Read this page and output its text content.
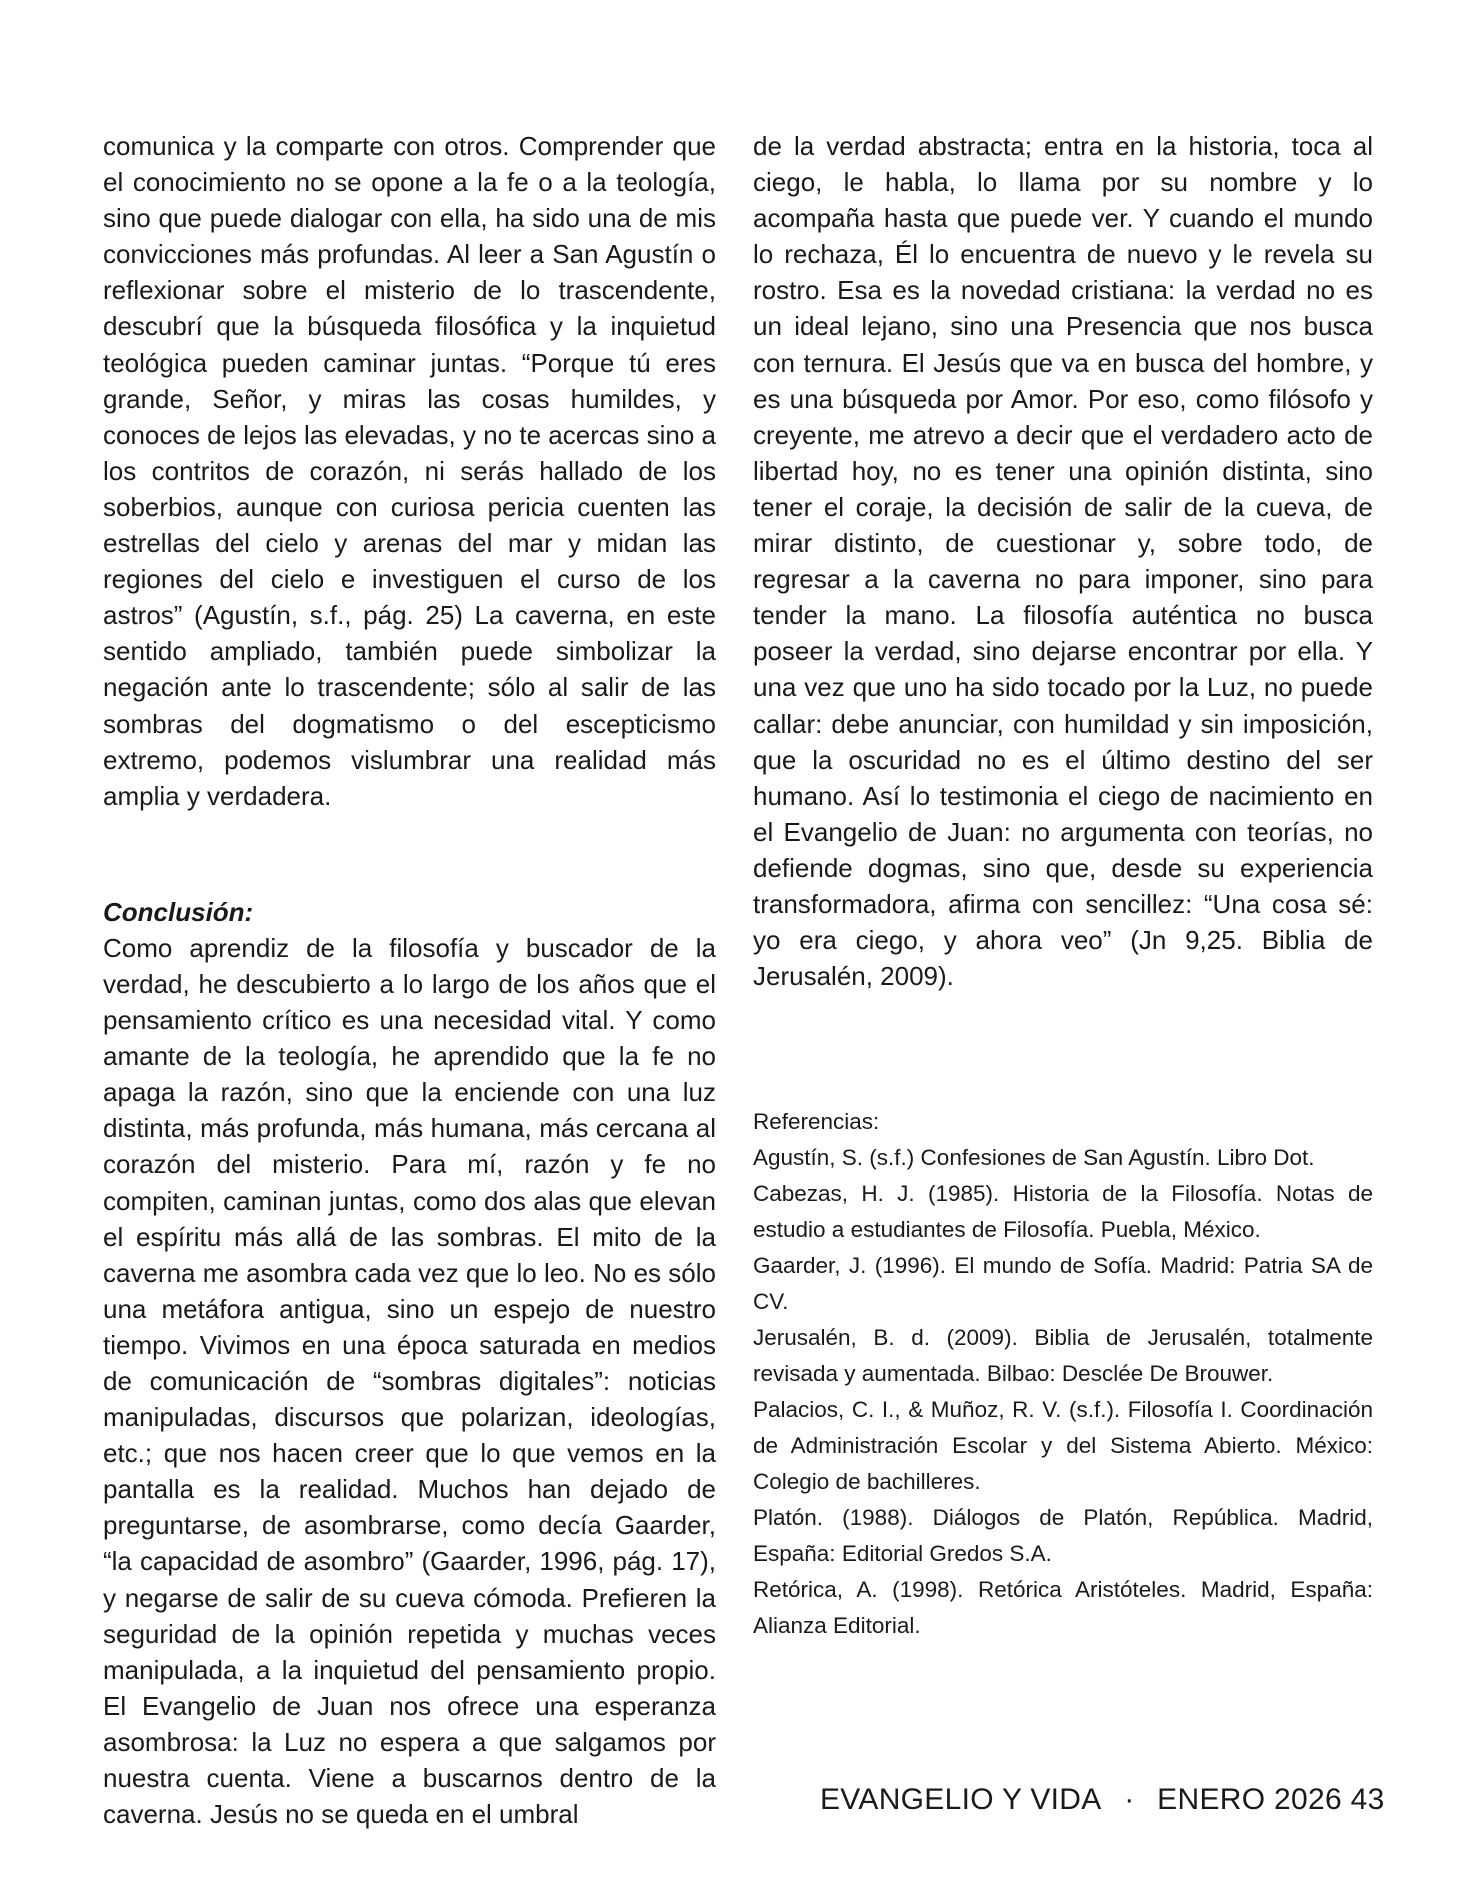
comunica y la comparte con otros. Comprender que el conocimiento no se opone a la fe o a la teología, sino que puede dialogar con ella, ha sido una de mis convicciones más profundas. Al leer a San Agustín o reflexionar sobre el misterio de lo trascendente, descubrí que la búsqueda filosófica y la inquietud teológica pueden caminar juntas. “Porque tú eres grande, Señor, y miras las cosas humildes, y conoces de lejos las elevadas, y no te acercas sino a los contritos de corazón, ni serás hallado de los soberbios, aunque con curiosa pericia cuenten las estrellas del cielo y arenas del mar y midan las regiones del cielo e investiguen el curso de los astros” (Agustín, s.f., pág. 25) La caverna, en este sentido ampliado, también puede simbolizar la negación ante lo trascendente; sólo al salir de las sombras del dogmatismo o del escepticismo extremo, podemos vislumbrar una realidad más amplia y verdadera.

Conclusión:

Como aprendiz de la filosofía y buscador de la verdad, he descubierto a lo largo de los años que el pensamiento crítico es una necesidad vital. Y como amante de la teología, he aprendido que la fe no apaga la razón, sino que la enciende con una luz distinta, más profunda, más humana, más cercana al corazón del misterio. Para mí, razón y fe no compiten, caminan juntas, como dos alas que elevan el espíritu más allá de las sombras. El mito de la caverna me asombra cada vez que lo leo. No es sólo una metáfora antigua, sino un espejo de nuestro tiempo. Vivimos en una época saturada en medios de comunicación de “sombras digitales”: noticias manipuladas, discursos que polarizan, ideologías, etc.; que nos hacen creer que lo que vemos en la pantalla es la realidad. Muchos han dejado de preguntarse, de asombrarse, como decía Gaarder, “la capacidad de asombro” (Gaarder, 1996, pág. 17), y negarse de salir de su cueva cómoda. Prefieren la seguridad de la opinión repetida y muchas veces manipulada, a la inquietud del pensamiento propio. El Evangelio de Juan nos ofrece una esperanza asombrosa: la Luz no espera a que salgamos por nuestra cuenta. Viene a buscarnos dentro de la caverna. Jesús no se queda en el umbral

de la verdad abstracta; entra en la historia, toca al ciego, le habla, lo llama por su nombre y lo acompaña hasta que puede ver. Y cuando el mundo lo rechaza, Él lo encuentra de nuevo y le revela su rostro. Esa es la novedad cristiana: la verdad no es un ideal lejano, sino una Presencia que nos busca con ternura. El Jesús que va en busca del hombre, y es una búsqueda por Amor. Por eso, como filósofo y creyente, me atrevo a decir que el verdadero acto de libertad hoy, no es tener una opinión distinta, sino tener el coraje, la decisión de salir de la cueva, de mirar distinto, de cuestionar y, sobre todo, de regresar a la caverna no para imponer, sino para tender la mano. La filosofía auténtica no busca poseer la verdad, sino dejarse encontrar por ella. Y una vez que uno ha sido tocado por la Luz, no puede callar: debe anunciar, con humildad y sin imposición, que la oscuridad no es el último destino del ser humano. Así lo testimonia el ciego de nacimiento en el Evangelio de Juan: no argumenta con teorías, no defiende dogmas, sino que, desde su experiencia transformadora, afirma con sencillez: “Una cosa sé: yo era ciego, y ahora veo” (Jn 9,25. Biblia de Jerusalén, 2009).

Referencias:

Agustín, S. (s.f.) Confesiones de San Agustín. Libro Dot.

Cabezas, H. J. (1985). Historia de la Filosofía. Notas de estudio a estudiantes de Filosofía. Puebla, México.

Gaarder, J. (1996). El mundo de Sofía. Madrid: Patria SA de CV.

Jerusalén, B. d. (2009). Biblia de Jerusalén, totalmente revisada y aumentada. Bilbao: Desclée De Brouwer.

Palacios, C. I., & Muñoz, R. V. (s.f.). Filosofía I. Coordinación de Administración Escolar y del Sistema Abierto. México: Colegio de bachilleres.

Platón. (1988). Diálogos de Platón, República. Madrid, España: Editorial Gredos S.A.

Retórica, A. (1998). Retórica Aristóteles. Madrid, España: Alianza Editorial.

EVANGELIO Y VIDA · ENERO 2026 43
